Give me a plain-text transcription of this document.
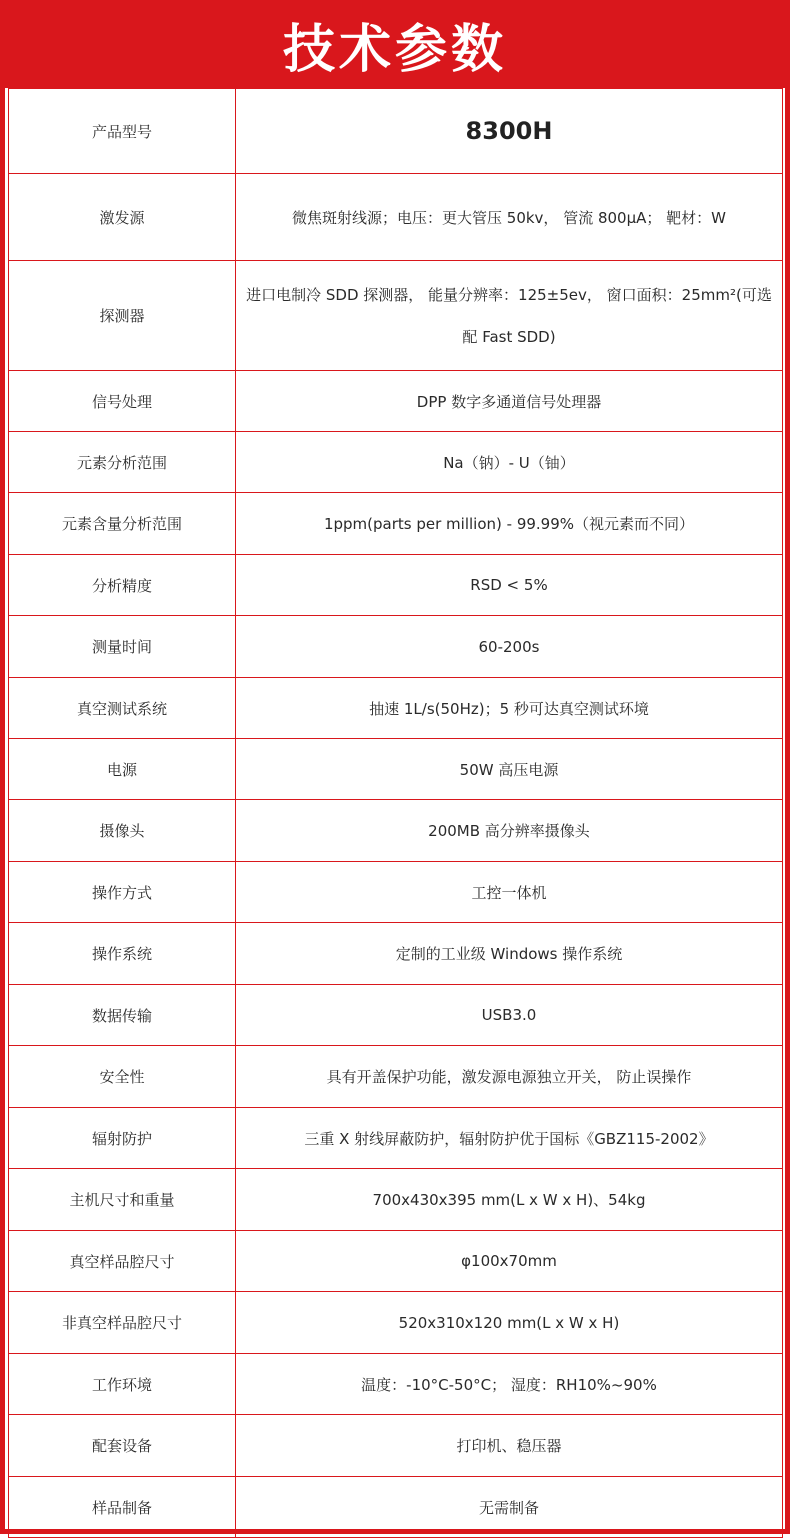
技术参数
产品型号	8300H
激发源	微焦斑射线源；电压：更大管压 50kv， 管流 800μA； 靶材：W
探测器	进口电制冷 SDD 探测器， 能量分辨率：125±5ev， 窗口面积：25mm²(可选配 Fast SDD)
信号处理	DPP 数字多通道信号处理器
元素分析范围	Na（钠）- U（铀）
元素含量分析范围	1ppm(parts per million) - 99.99%（视元素而不同）
分析精度	RSD < 5%
测量时间	60-200s
真空测试系统	抽速 1L/s(50Hz)；5 秒可达真空测试环境
电源	50W 高压电源
摄像头	200MB 高分辨率摄像头
操作方式	工控一体机
操作系统	定制的工业级 Windows 操作系统
数据传输	USB3.0
安全性	具有开盖保护功能，激发源电源独立开关， 防止误操作
辐射防护	三重 X 射线屏蔽防护，辐射防护优于国标《GBZ115-2002》
主机尺寸和重量	700x430x395 mm(L x W x H)、54kg
真空样品腔尺寸	φ100x70mm
非真空样品腔尺寸	520x310x120 mm(L x W x H)
工作环境	温度：-10°C-50°C； 湿度：RH10%~90%
配套设备	打印机、稳压器
样品制备	无需制备
